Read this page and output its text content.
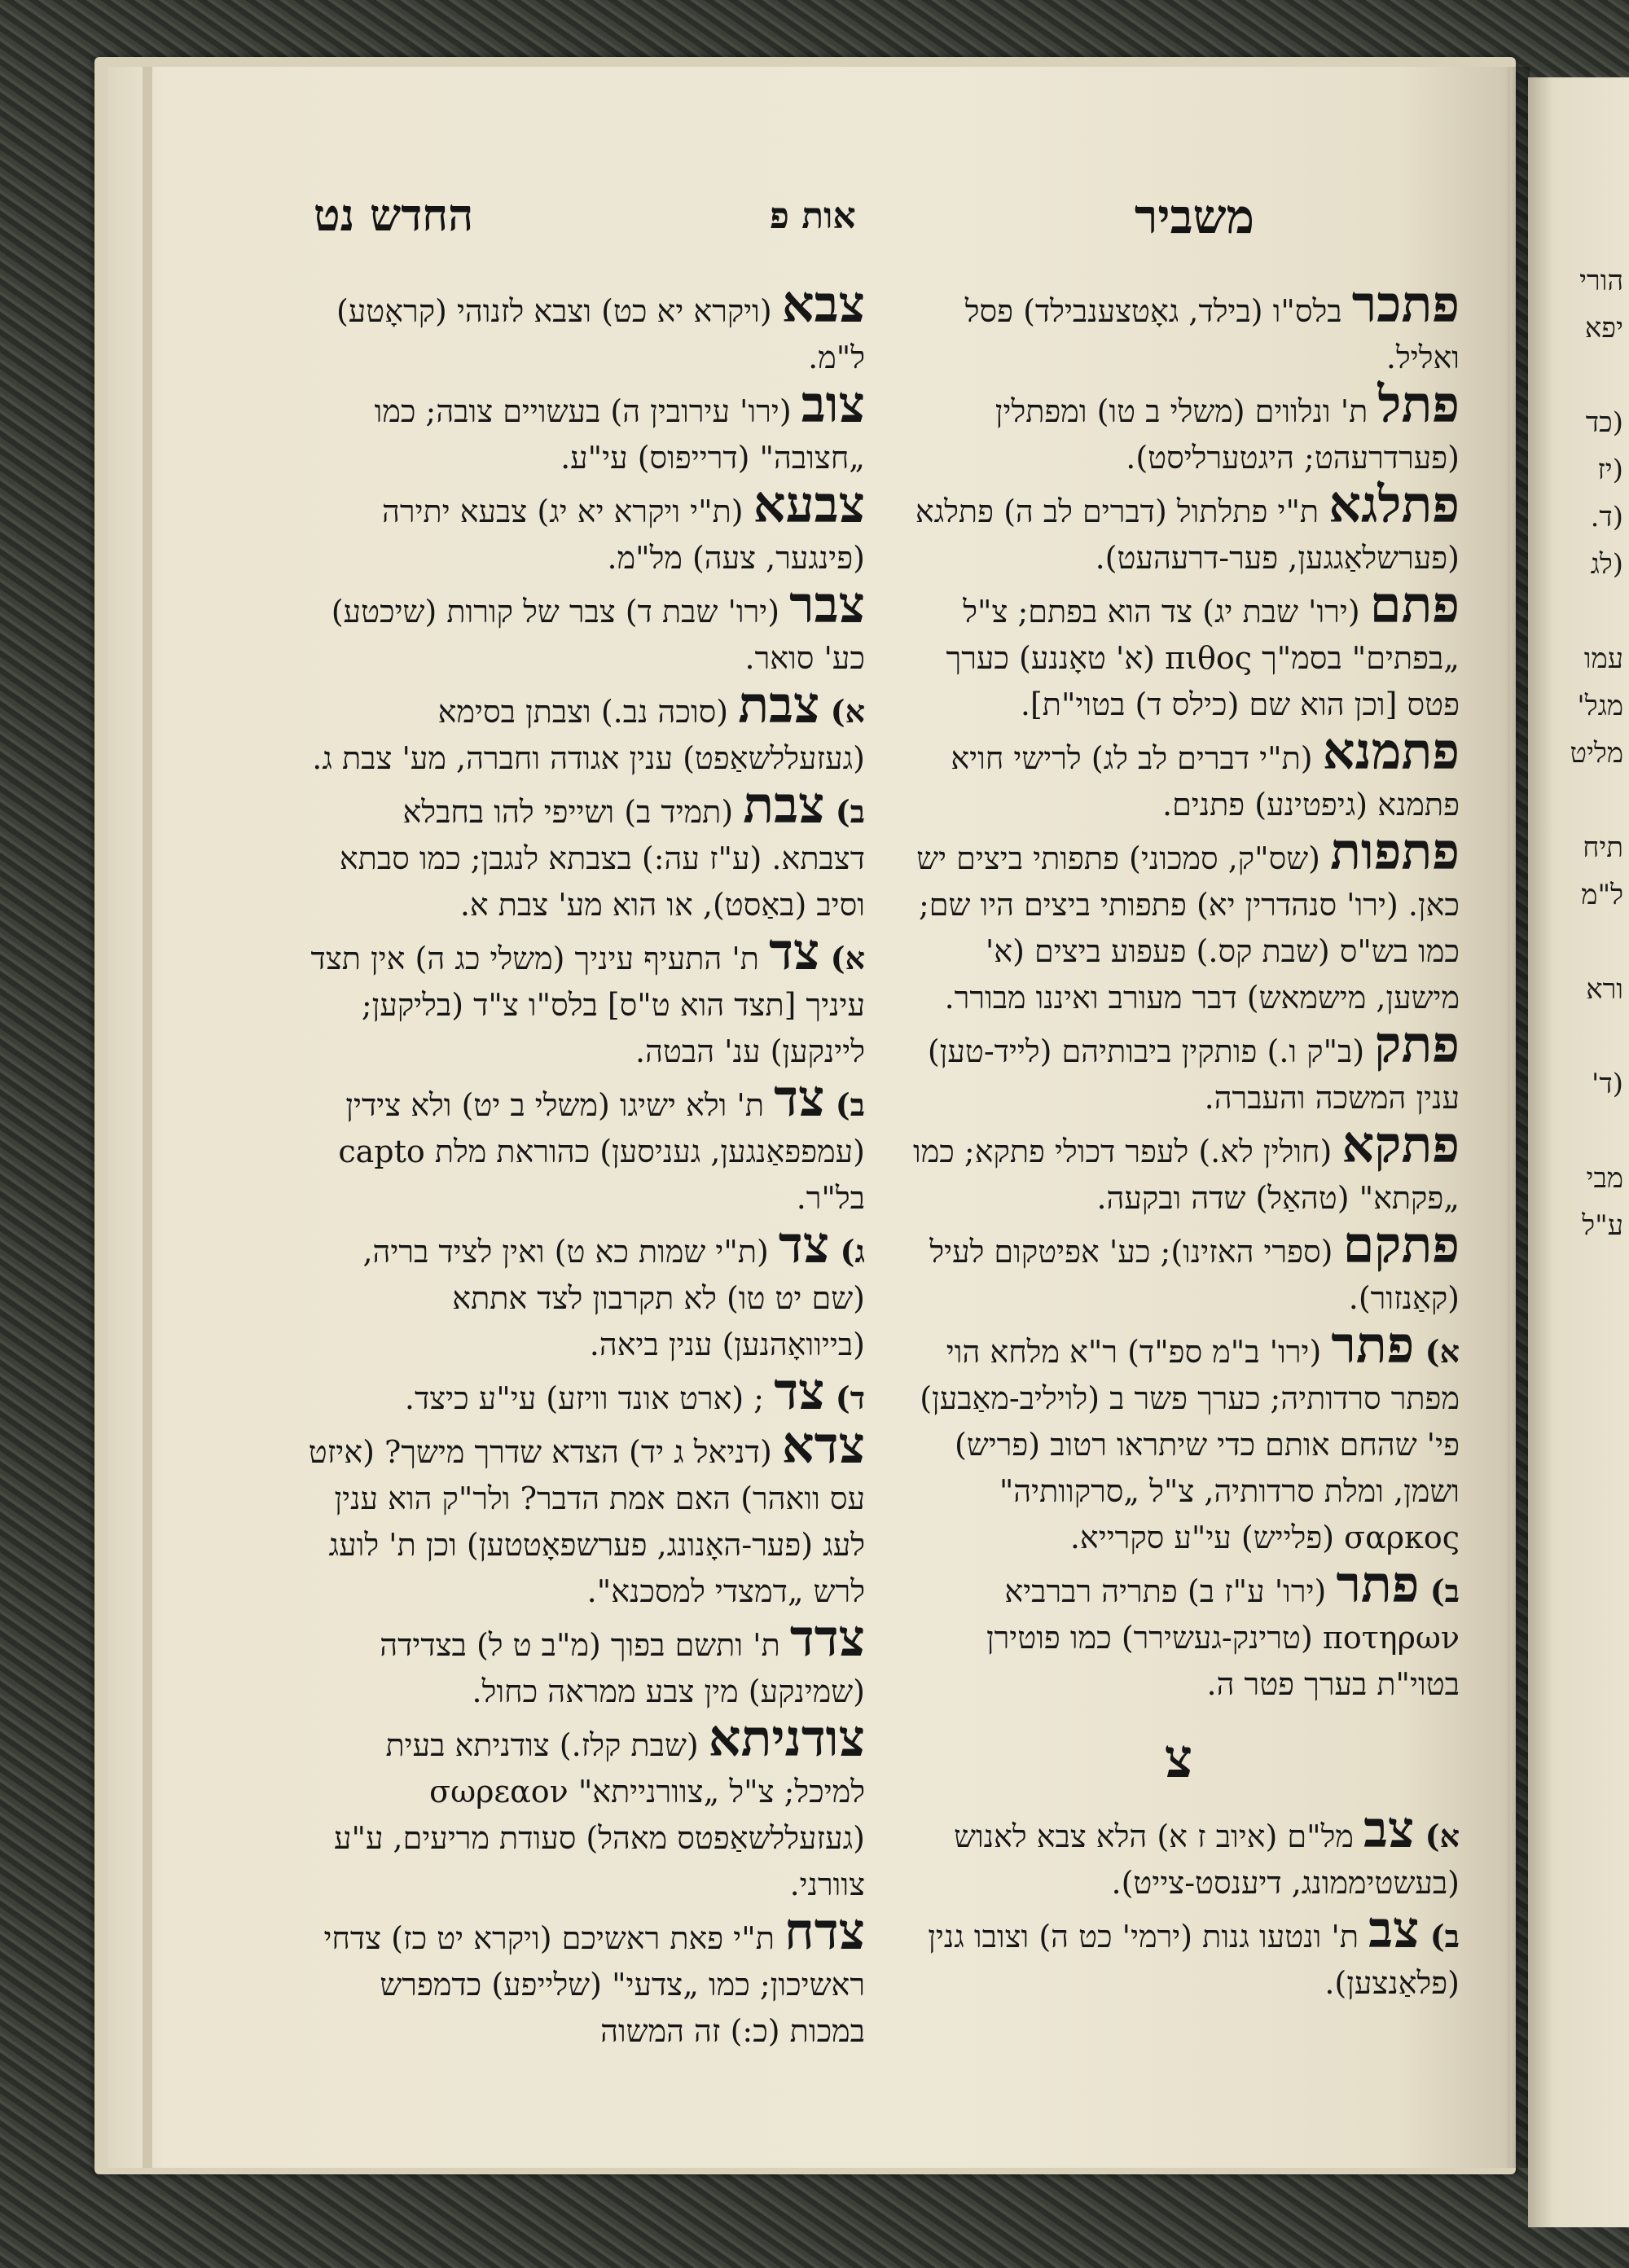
הורי
יפא
(כד
(יז
(ד.
(לג
עמו
מגל'
מליט
תיח
ל"מ
ורא
(ד'
מבי
ע"ל
משביר
אות פ
החדש נט

פתכר בלס"ו (בילד, גאָטצענבילד) פסל ואליל.

פתל ת' ונלווים (משלי ב טו) ומפתלין (פערדרעהט; היגטערליסט).

פתלגא ת"י פתלתול (דברים לב ה) פתלגא (פערשלאַגגען, פער-דרעהעט).

פתם (ירו' שבת יג) צד הוא בפתם; צ"ל „בפתים" בסמ"ך πιθος (א' טאָננע) כערך פטס [וכן הוא שם (כילס ד) בטוי"ת].

פתמנא (ת"י דברים לב לג) לרישי חויא פתמנא (גיפטינע) פתנים.

פתפות (שס"ק, סמכוני) פתפותי ביצים יש כאן. (ירו' סנהדרין יא) פתפותי ביצים היו שם; כמו בש"ס (שבת קס.) פעפוע ביצים (א' מישען, מישמאש) דבר מעורב ואיננו מבורר.

פתק (ב"ק ו.) פותקין ביבותיהם (לייד-טען) ענין המשכה והעברה.

פתקא (חולין לא.) לעפר דכולי פתקא; כמו „פקתא" (טהאַל) שדה ובקעה.

פתקם (ספרי האזינו); כע' אפיטקום לעיל (קאַנזור).

א) פתר (ירו' ב"מ ספ"ד) ר"א מלחא הוי מפתר סרדותיה; כערך פשר ב (לויליב-מאַבען) פי' שהחם אותם כדי שיתראו רטוב (פריש) ושמן, ומלת סרדותיה, צ"ל „סרקוותיה" σαρκος (פלייש) עי"ע סקרייא.

ב) פתר (ירו' ע"ז ב) פתריה רברביא ποτηρων (טרינק-געשירר) כמו פוטירן בטוי"ת בערך פטר ה.

צ

א) צב מל"ם (איוב ז א) הלא צבא לאנוש (בעשטיממונג, דיענסט-צייט).

ב) צב ת' ונטעו גנות (ירמי' כט ה) וצובו גנין (פלאַנצען).

צבא (ויקרא יא כט) וצבא לזנוהי (קראָטע) ל"מ.

צוב (ירו' עירובין ה) בעשויים צובה; כמו „חצובה" (דרייפוס) עי"ע.

צבעא (ת"י ויקרא יא יג) צבעא יתירה (פינגער, צעה) מל"מ.

צבר (ירו' שבת ד) צבר של קורות (שיכטע) כע' סואר.

א) צבת (סוכה נב.) וצבתן בסימא (געזעללשאַפט) ענין אגודה וחברה, מע' צבת ג.

ב) צבת (תמיד ב) ושייפי להו בחבלא דצבתא. (ע"ז עה:) בצבתא לנגבן; כמו סבתא וסיב (באַסט), או הוא מע' צבת א.

א) צד ת' התעיף עיניך (משלי כג ה) אין תצד עיניך [תצד הוא ט"ס] בלס"ו צ"ד (בליקען; ליינקען) ענ' הבטה.

ב) צד ת' ולא ישיגו (משלי ב יט) ולא צידין (עמפפאַנגען, געניסען) כהוראת מלת capto בל"ר.

ג) צד (ת"י שמות כא ט) ואין לציד בריה, (שם יט טו) לא תקרבון לצד אתתא (בייוואָהנען) ענין ביאה.

ד) צד ; (ארט אונד וויזע) עי"ע כיצד.

צדא (דניאל ג יד) הצדא שדרך מישך? (איזט עס וואהר) האם אמת הדבר? ולר"ק הוא ענין לעג (פער-האָנונג, פערשפאָטטען) וכן ת' לועג לרש „דמצדי למסכנא".

צדד ת' ותשם בפוך (מ"ב ט ל) בצדידה (שמינקע) מין צבע ממראה כחול.

צודניתא (שבת קלז.) צודניתא בעית למיכל; צ"ל „צוורנייתא" σωρεαον (געזעללשאַפטס מאהל) סעודת מריעים, ע"ע צוורני.

צדח ת"י פאת ראשיכם (ויקרא יט כז) צדחי ראשיכון; כמו „צדעי" (שלייפע) כדמפרש במכות (כ:) זה המשוה
